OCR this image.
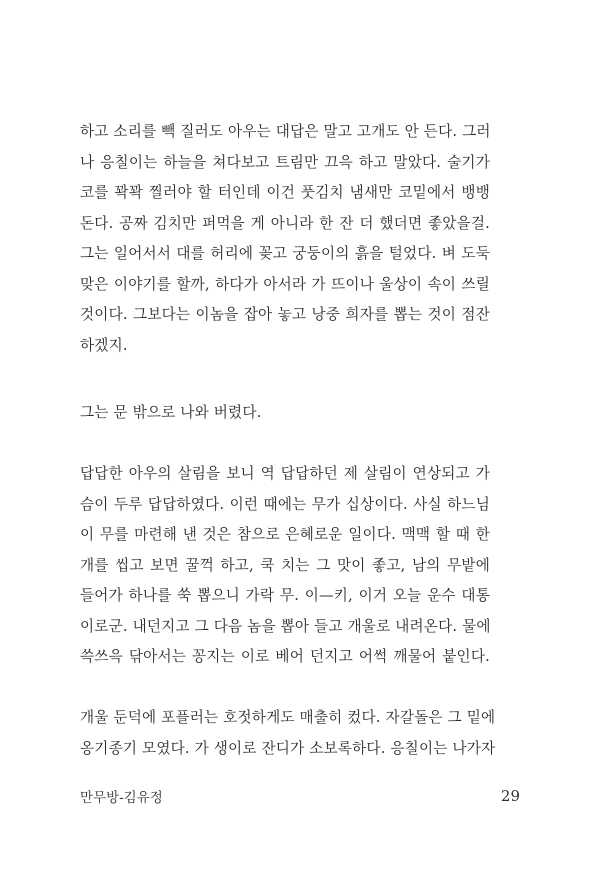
하고 소리를 빽 질러도 아우는 대답은 말고 고개도 안 든다. 그러
나 응칠이는 하늘을 쳐다보고 트림만 끄윽 하고 말았다. 술기가
코를 꽉꽉 찔러야 할 터인데 이건 풋김치 냄새만 코밑에서 뱅뱅
돈다. 공짜 김치만 퍼먹을 게 아니라 한 잔 더 했더면 좋았을걸.
그는 일어서서 대를 허리에 꽂고 궁둥이의 흙을 털었다. 벼 도둑
맞은 이야기를 할까, 하다가 아서라 가 뜨이나 울상이 속이 쓰릴
것이다. 그보다는 이놈을 잡아 놓고 낭중 희자를 뽑는 것이 점잔
하겠지.
그는 문 밖으로 나와 버렸다.
답답한 아우의 살림을 보니 역 답답하던 제 살림이 연상되고 가
슴이 두루 답답하였다. 이런 때에는 무가 십상이다. 사실 하느님
이 무를 마련해 낸 것은 참으로 은혜로운 일이다. 맥맥 할 때 한
개를 씹고 보면 꿀꺽 하고, 쿡 치는 그 맛이 좋고, 남의 무밭에
들어가 하나를 쑥 뽑으니 가락 무. 이—키, 이거 오늘 운수 대통
이로군. 내던지고 그 다음 놈을 뽑아 들고 개울로 내려온다. 물에
쓱쓰윽 닦아서는 꽁지는 이로 베어 던지고 어썩 깨물어 붙인다.
개울 둔덕에 포플러는 호젓하게도 매출히 컸다. 자갈돌은 그 밑에
옹기종기 모였다. 가 생이로 잔디가 소보록하다. 응칠이는 나가자
만무방-김유정	29
